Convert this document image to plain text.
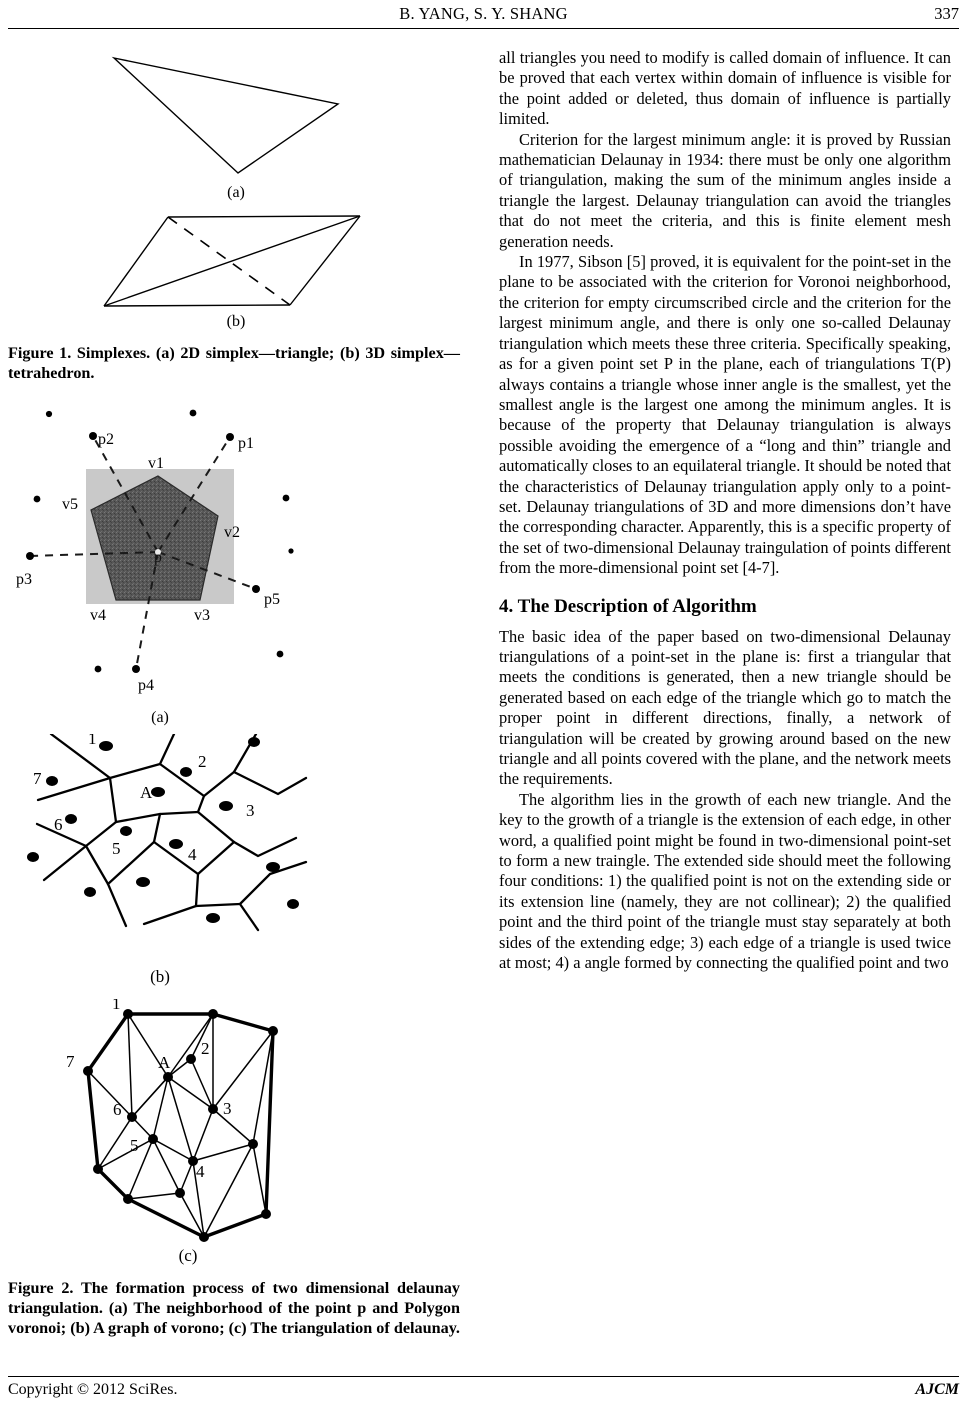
B. YANG, S. Y. SHANG	337
(a)
(b)

Figure 1. Simplexes. (a) 2D simplex—triangle; (b) 3D simplex—tetrahedron.

p2	p1
v1
v5
v2
p3
p
p5
v4	v3
p4
(a)
1
2
7
A
3
6
5	4
(b)
1
2
7	A
3
6
5
4
(c)

Figure 2. The formation process of two dimensional delaunay triangulation. (a) The neighborhood of the point p and Polygon voronoi; (b) A graph of vorono; (c) The triangulation of delaunay.

all triangles you need to modify is called domain of influence. It can be proved that each vertex within domain of influence is visible for the point added or deleted, thus domain of influence is partially limited.

Criterion for the largest minimum angle: it is proved by Russian mathematician Delaunay in 1934: there must be only one algorithm of triangulation, making the sum of the minimum angles inside a triangle the largest. Delaunay triangulation can avoid the triangles that do not meet the criteria, and this is finite element mesh generation needs.

In 1977, Sibson [5] proved, it is equivalent for the point-set in the plane to be associated with the criterion for Voronoi neighborhood, the criterion for empty circumscribed circle and the criterion for the largest minimum angle, and there is only one so-called Delaunay triangulation which meets these three criteria. Specifically speaking, as for a given point set P in the plane, each of triangulations T(P) always contains a triangle whose inner angle is the smallest, yet the smallest angle is the largest one among the minimum angles. It is because of the property that Delaunay triangulation is always possible avoiding the emergence of a “long and thin” triangle and automatically closes to an equilateral triangle. It should be noted that the characteristics of Delaunay triangulation apply only to a point-set. Delaunay triangulations of 3D and more dimensions don’t have the corresponding character. Apparently, this is a specific property of the set of two-dimensional Delaunay traingulation of points different from the more-dimensional point set [4-7].

4. The Description of Algorithm

The basic idea of the paper based on two-dimensional Delaunay triangulations of a point-set in the plane is: first a triangular that meets the conditions is generated, then a new triangle should be generated based on each edge of the triangle which go to match the proper point in different directions, finally, a network of triangulation will be created by growing around based on the new triangle and all points covered with the plane, and the network meets the requirements.

The algorithm lies in the growth of each new triangle. And the key to the growth of a triangle is the extension of each edge, in other word, a qualified point might be found in two-dimensional point-set to form a new traingle. The extended side should meet the following four conditions: 1) the qualified point is not on the extending side or its extension line (namely, they are not collinear); 2) the qualified point and the third point of the triangle must stay separately at both sides of the extending edge; 3) each edge of a triangle is used twice at most; 4) a angle formed by connecting the qualified point and two

Copyright © 2012 SciRes.	AJCM
